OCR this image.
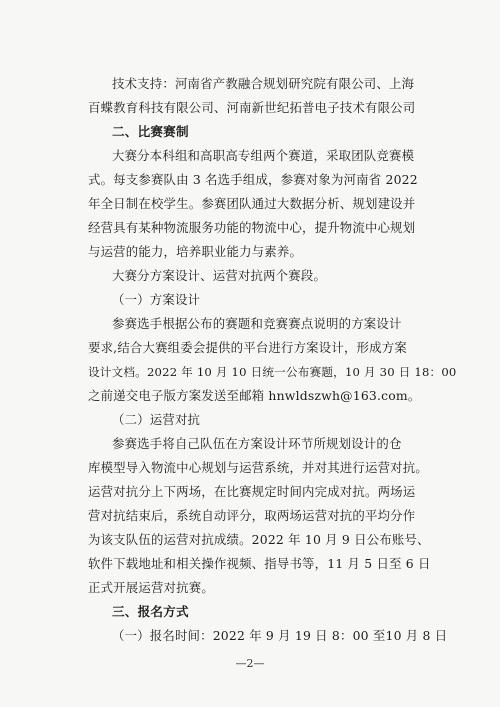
技术支持：河南省产教融合规划研究院有限公司、上海
百蝶教育科技有限公司、河南新世纪拓普电子技术有限公司
二、比赛赛制
大赛分本科组和高职高专组两个赛道，采取团队竞赛模
式。每支参赛队由 3 名选手组成，参赛对象为河南省 2022
年全日制在校学生。参赛团队通过大数据分析、规划建设并
经营具有某种物流服务功能的物流中心，提升物流中心规划
与运营的能力，培养职业能力与素养。
大赛分方案设计、运营对抗两个赛段。
（一）方案设计
参赛选手根据公布的赛题和竞赛赛点说明的方案设计
要求,结合大赛组委会提供的平台进行方案设计，形成方案
设计文档。2022 年 10 月 10 日统一公布赛题，10 月 30 日 18：00
之前递交电子版方案发送至邮箱 hnwldszwh@163.com。
（二）运营对抗
参赛选手将自己队伍在方案设计环节所规划设计的仓
库模型导入物流中心规划与运营系统，并对其进行运营对抗。
运营对抗分上下两场，在比赛规定时间内完成对抗。两场运
营对抗结束后，系统自动评分，取两场运营对抗的平均分作
为该支队伍的运营对抗成绩。2022 年 10 月 9 日公布账号、
软件下载地址和相关操作视频、指导书等，11 月 5 日至 6 日
正式开展运营对抗赛。
三、报名方式
（一）报名时间：2022 年 9 月 19 日 8：00 至10 月 8 日
—2—
